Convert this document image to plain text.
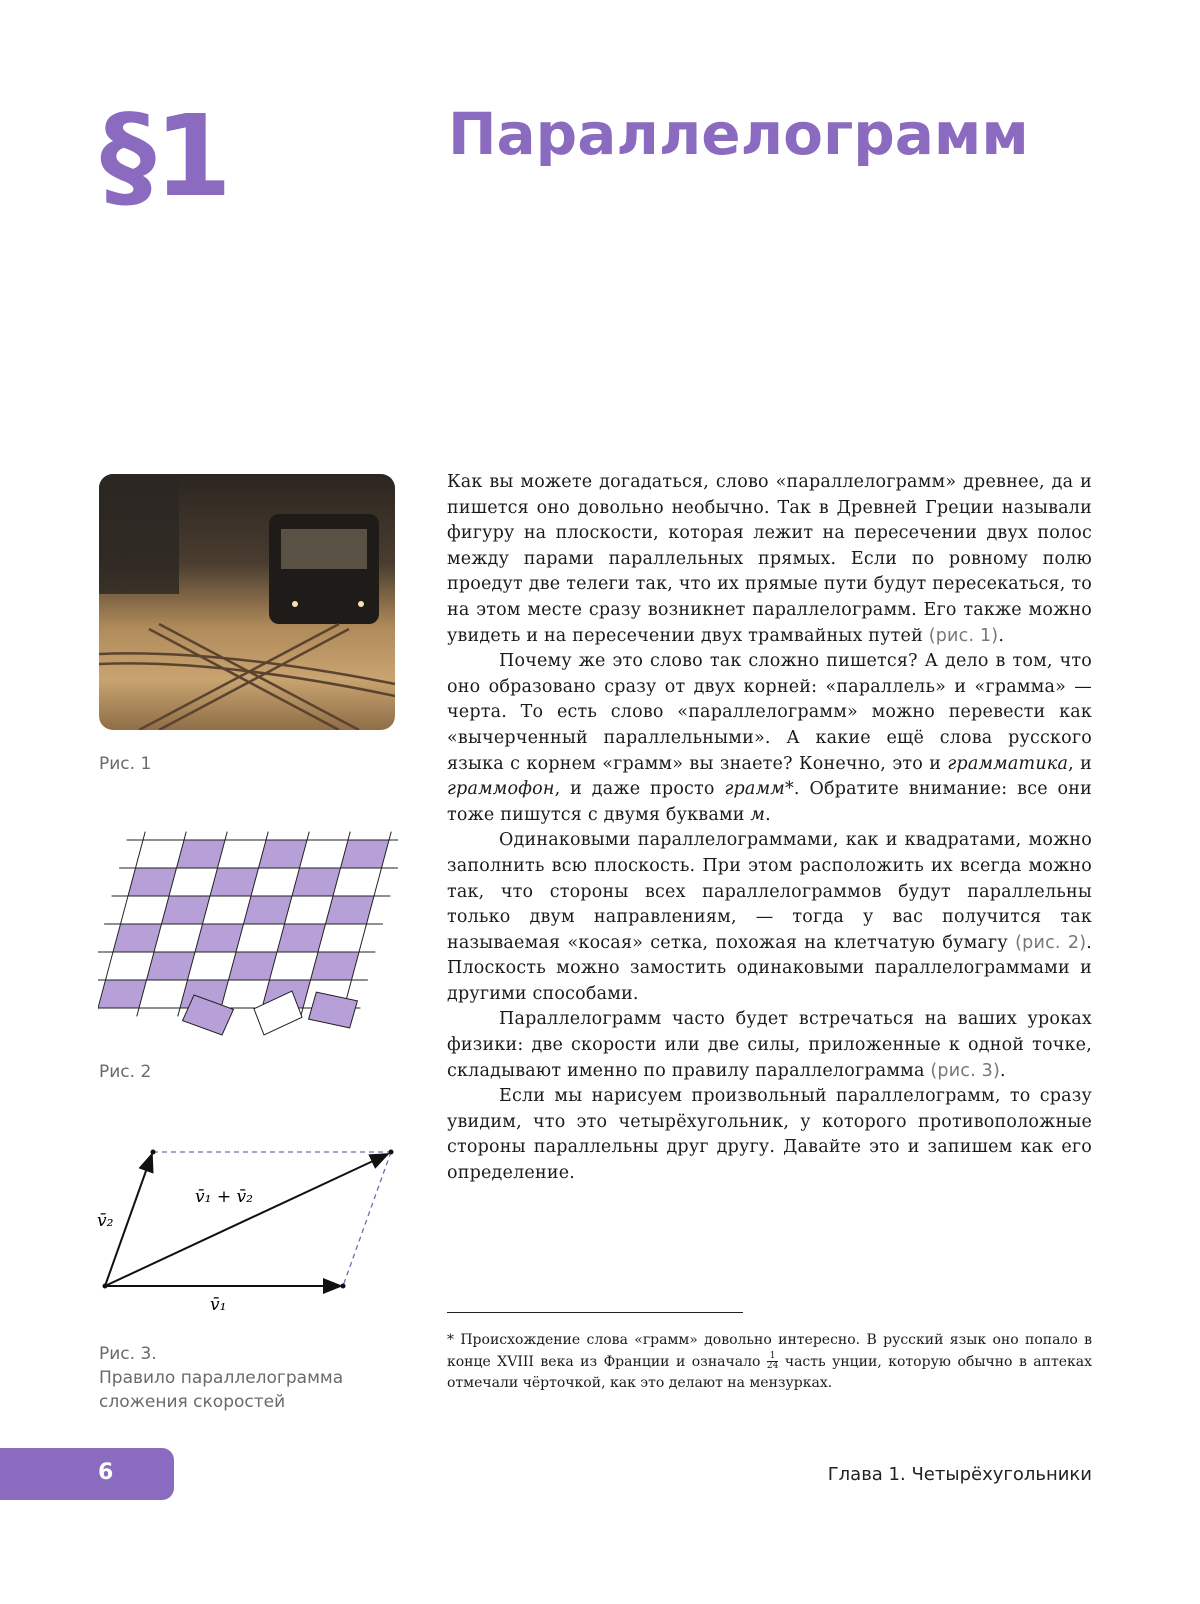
§1	Параллелограмм
Рис. 1
Рис. 2
v̄₁ + v̄₂
v̄₂
v̄₁
Рис. 3.
Правило параллелограмма сложения скоростей

Как вы можете догадаться, слово «параллелограмм» древнее, да и пишется оно довольно необычно. Так в Древней Греции называли фигуру на плоскости, которая лежит на пересечении двух полос между парами параллельных прямых. Если по ровному полю проедут две телеги так, что их прямые пути будут пересекаться, то на этом месте сразу возникнет параллелограмм. Его также можно увидеть и на пересечении двух трамвайных путей (рис. 1).

Почему же это слово так сложно пишется? А дело в том, что оно образовано сразу от двух корней: «параллель» и «грамма» — черта. То есть слово «параллелограмм» можно перевести как «вычерченный параллельными». А какие ещё слова русского языка с корнем «грамм» вы знаете? Конечно, это и грамматика, и граммофон, и даже просто грамм*. Обратите внимание: все они тоже пишутся с двумя буквами м.

Одинаковыми параллелограммами, как и квадратами, можно заполнить всю плоскость. При этом расположить их всегда можно так, что стороны всех параллелограммов будут параллельны только двум направлениям, — тогда у вас получится так называемая «косая» сетка, похожая на клетчатую бумагу (рис. 2). Плоскость можно замостить одинаковыми параллелограммами и другими способами.

Параллелограмм часто будет встречаться на ваших уроках физики: две скорости или две силы, приложенные к одной точке, складывают именно по правилу параллелограмма (рис. 3).

Если мы нарисуем произвольный параллелограмм, то сразу увидим, что это четырёхугольник, у которого противоположные стороны параллельны друг другу. Давайте это и запишем как его определение.

* Происхождение слова «грамм» довольно интересно. В русский язык оно попало в конце XVIII века из Франции и означало $\frac{1}{24}$ часть унции, которую обычно в аптеках отмечали чёрточкой, как это делают на мензурках.
6	Глава 1. Четырёхугольники
